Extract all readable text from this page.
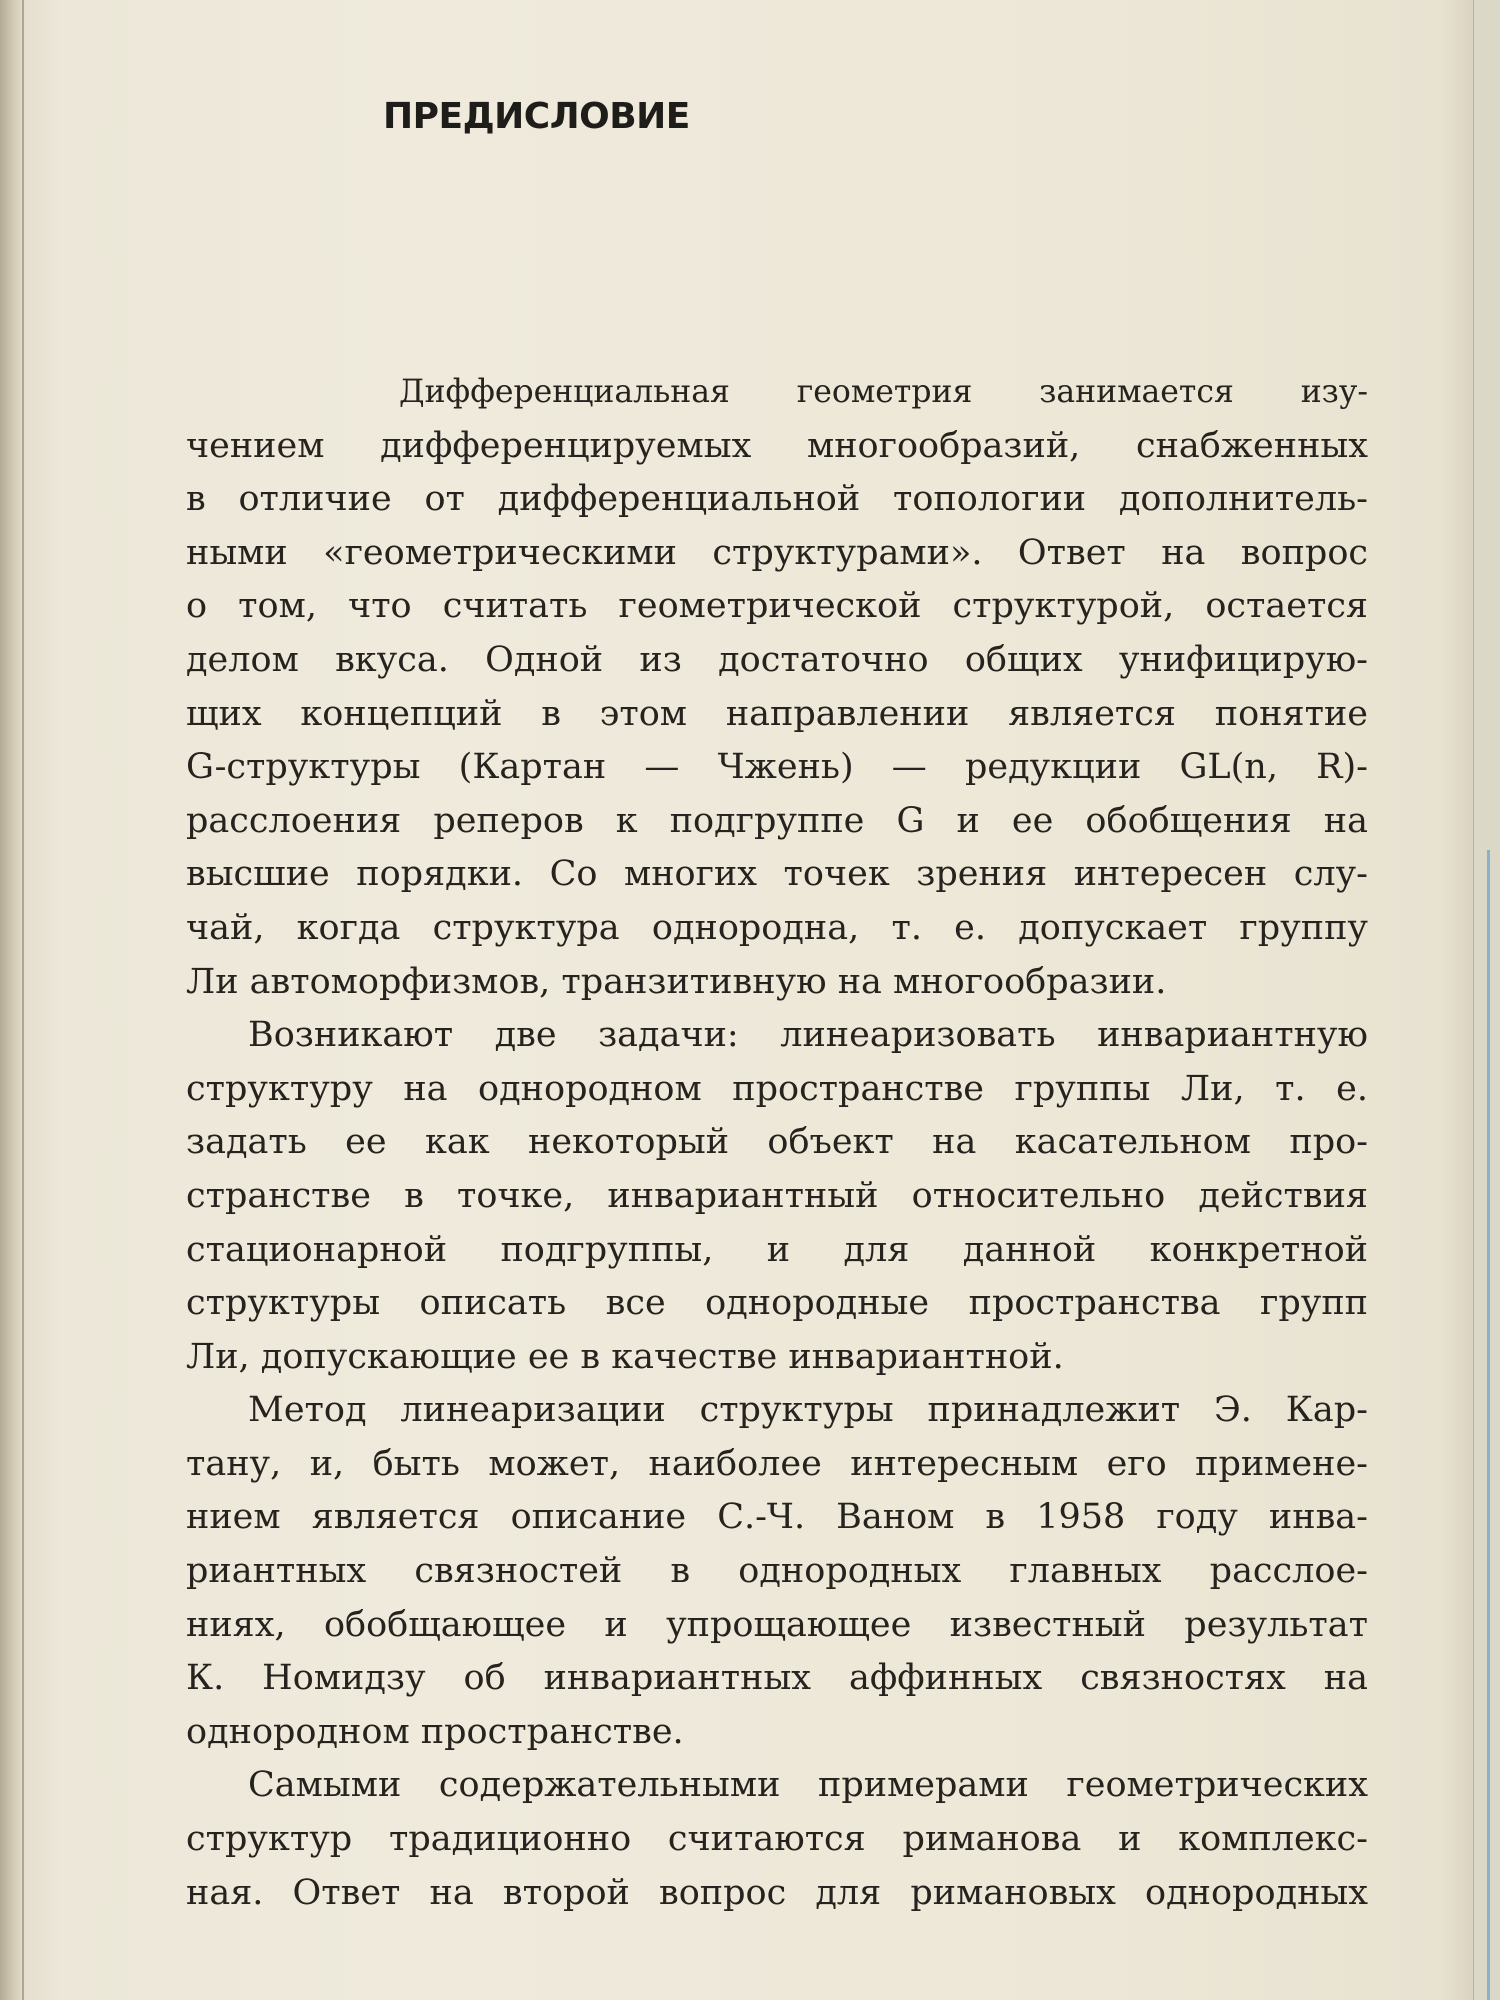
ПРЕДИСЛОВИЕ
Дифференциальная геометрия занимается изу-
чением дифференцируемых многообразий, снабженных
в отличие от дифференциальной топологии дополнитель-
ными «геометрическими структурами». Ответ на вопрос
о том, что считать геометрической структурой, остается
делом вкуса. Одной из достаточно общих унифицирую-
щих концепций в этом направлении является понятие
G-структуры (Картан — Чжень) — редукции GL(n, R)-
расслоения реперов к подгруппе G и ее обобщения на
высшие порядки. Со многих точек зрения интересен слу-
чай, когда структура однородна, т. е. допускает группу
Ли автоморфизмов, транзитивную на многообразии.
Возникают две задачи: линеаризовать инвариантную
структуру на однородном пространстве группы Ли, т. е.
задать ее как некоторый объект на касательном про-
странстве в точке, инвариантный относительно действия
стационарной подгруппы, и для данной конкретной
структуры описать все однородные пространства групп
Ли, допускающие ее в качестве инвариантной.
Метод линеаризации структуры принадлежит Э. Кар-
тану, и, быть может, наиболее интересным его примене-
нием является описание С.-Ч. Ваном в 1958 году инва-
риантных связностей в однородных главных расслое-
ниях, обобщающее и упрощающее известный результат
К. Номидзу об инвариантных аффинных связностях на
однородном пространстве.
Самыми содержательными примерами геометрических
структур традиционно считаются риманова и комплекс-
ная. Ответ на второй вопрос для римановых однородных
